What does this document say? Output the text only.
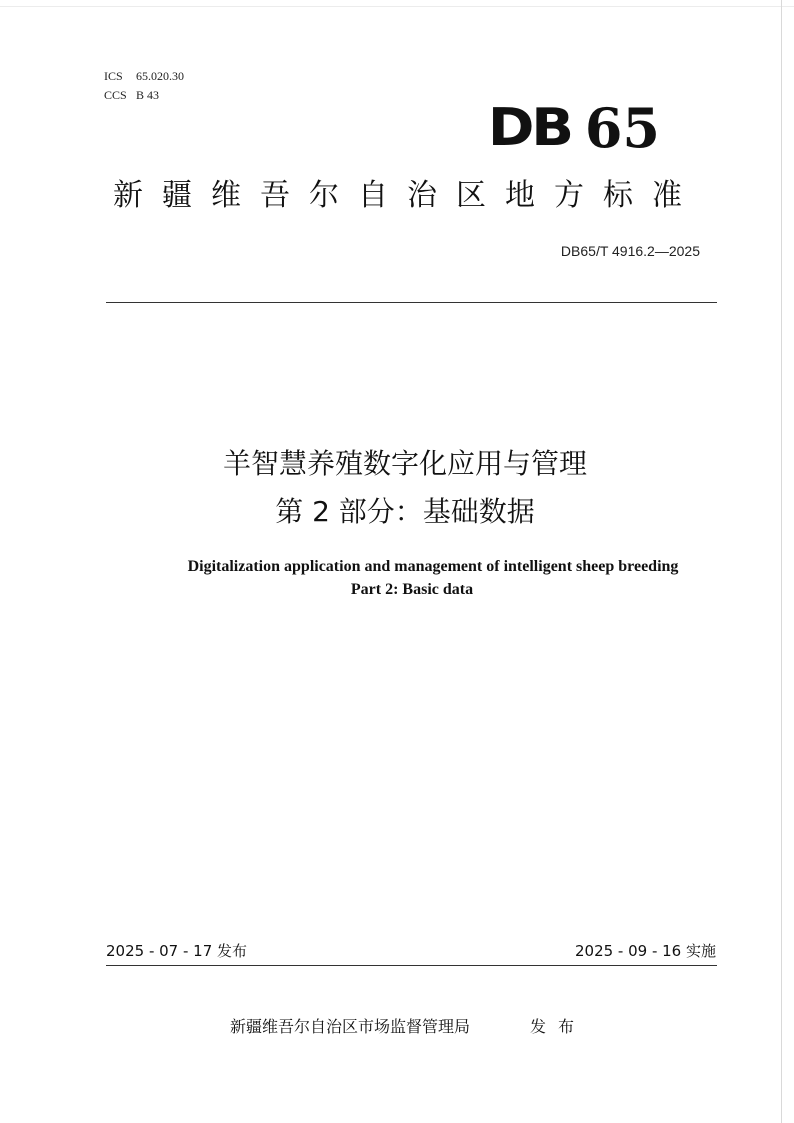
ICS 65.020.30
CCS B 43
DB 65
新疆维吾尔自治区地方标准
DB65/T 4916.2—2025
羊智慧养殖数字化应用与管理
第 2 部分：基础数据
Digitalization application and management of intelligent sheep breeding
Part 2: Basic data
2025 - 07 - 17 发布	2025 - 09 - 16 实施
新疆维吾尔自治区市场监督管理局	发布
